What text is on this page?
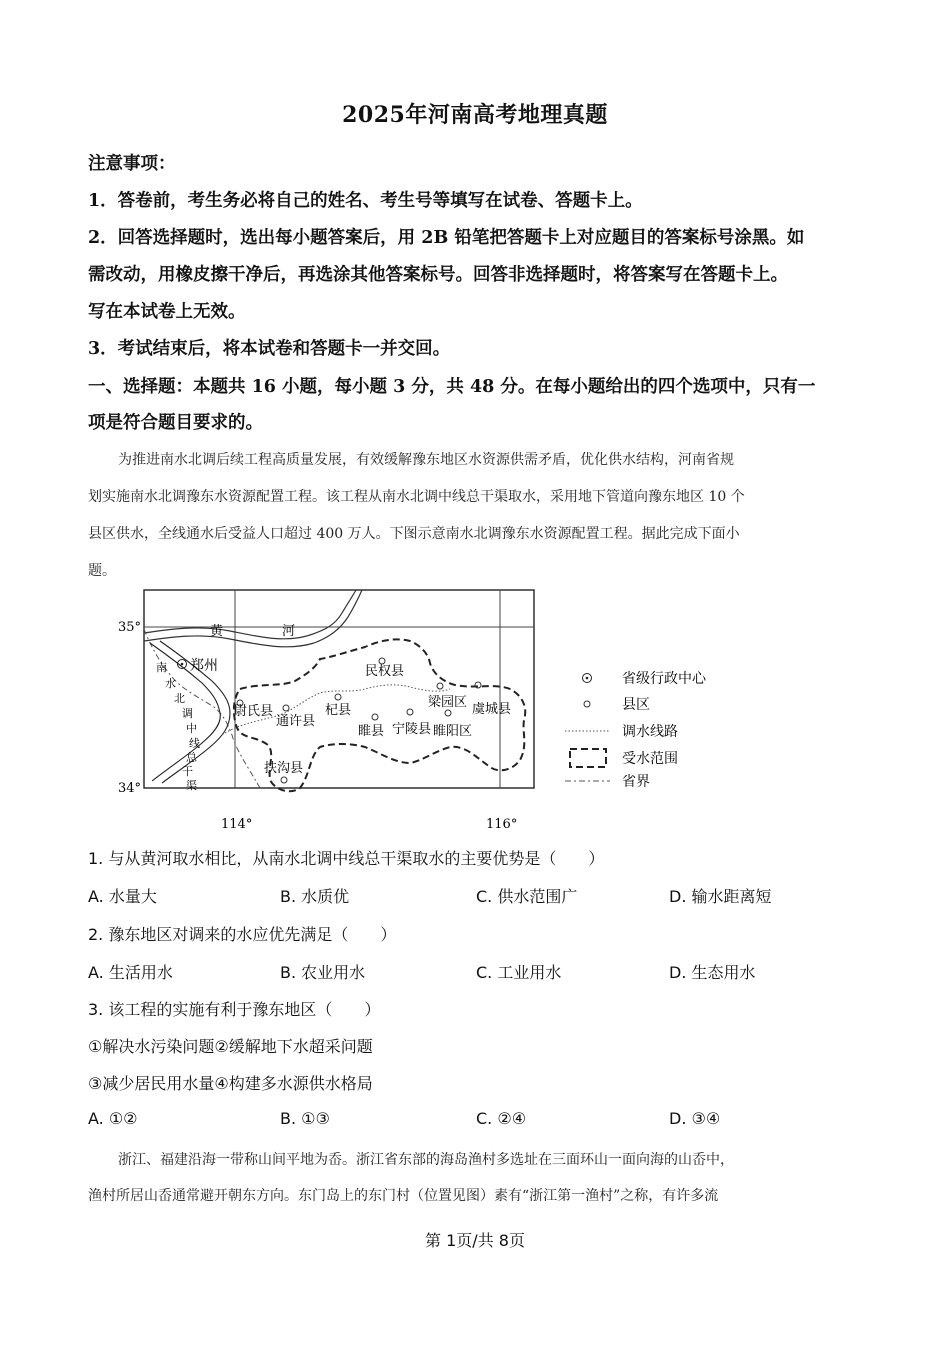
2025年河南高考地理真题
注意事项：
1．答卷前，考生务必将自己的姓名、考生号等填写在试卷、答题卡上。
2．回答选择题时，选出每小题答案后，用 2B 铅笔把答题卡上对应题目的答案标号涂黑。如
需改动，用橡皮擦干净后，再选涂其他答案标号。回答非选择题时，将答案写在答题卡上。
写在本试卷上无效。
3．考试结束后，将本试卷和答题卡一并交回。
一、选择题：本题共 16 小题，每小题 3 分，共 48 分。在每小题给出的四个选项中，只有一
项是符合题目要求的。
为推进南水北调后续工程高质量发展，有效缓解豫东地区水资源供需矛盾，优化供水结构，河南省规
划实施南水北调豫东水资源配置工程。该工程从南水北调中线总干渠取水，采用地下管道向豫东地区 10 个
县区供水，全线通水后受益人口超过 400 万人。下图示意南水北调豫东水资源配置工程。据此完成下面小
题。
35°
34°
114°	116°
黄	河
南
水
北
调
中
线
总
干
渠
郑州	民权县
尉氏县
通许县
杞县
梁园区 虞城县
睢县 宁陵县 睢阳区
扶沟县
省级行政中心
县区
调水线路
受水范围
省界
1. 与从黄河取水相比，从南水北调中线总干渠取水的主要优势是（　　）
A. 水量大	B. 水质优	C. 供水范围广	D. 输水距离短
2. 豫东地区对调来的水应优先满足（　　）
A. 生活用水	B. 农业用水	C. 工业用水	D. 生态用水
3. 该工程的实施有利于豫东地区（　　）
①解决水污染问题②缓解地下水超采问题
③减少居民用水量④构建多水源供水格局
A. ①②	B. ①③	C. ②④	D. ③④
浙江、福建沿海一带称山间平地为岙。浙江省东部的海岛渔村多选址在三面环山一面向海的山岙中，
渔村所居山岙通常避开朝东方向。东门岛上的东门村（位置见图）素有“浙江第一渔村”之称，有许多流
第 1页/共 8页
